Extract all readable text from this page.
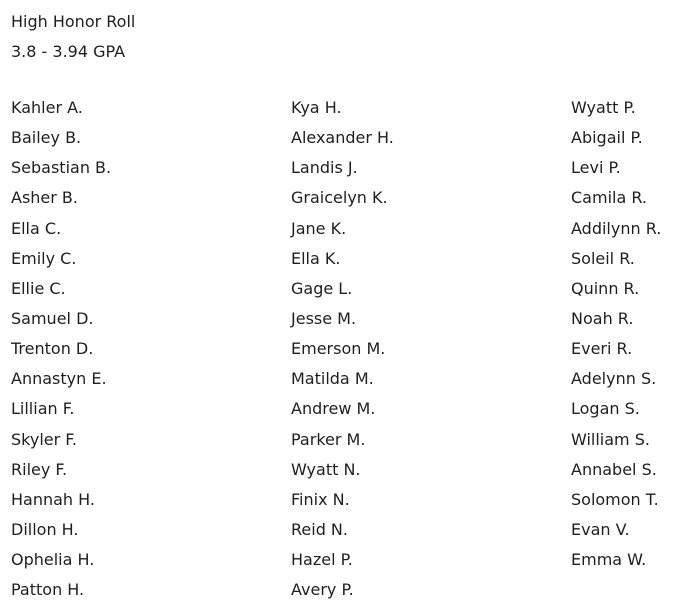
High Honor Roll
3.8 - 3.94 GPA
Kahler A.
Bailey B.
Sebastian B.
Asher B.
Ella C.
Emily C.
Ellie C.
Samuel D.
Trenton D.
Annastyn E.
Lillian F.
Skyler F.
Riley F.
Hannah H.
Dillon H.
Ophelia H.
Patton H.
Kya H.
Alexander H.
Landis J.
Graicelyn K.
Jane K.
Ella K.
Gage L.
Jesse M.
Emerson M.
Matilda M.
Andrew M.
Parker M.
Wyatt N.
Finix N.
Reid N.
Hazel P.
Avery P.
Wyatt P.
Abigail P.
Levi P.
Camila R.
Addilynn R.
Soleil R.
Quinn R.
Noah R.
Everi R.
Adelynn S.
Logan S.
William S.
Annabel S.
Solomon T.
Evan V.
Emma W.
